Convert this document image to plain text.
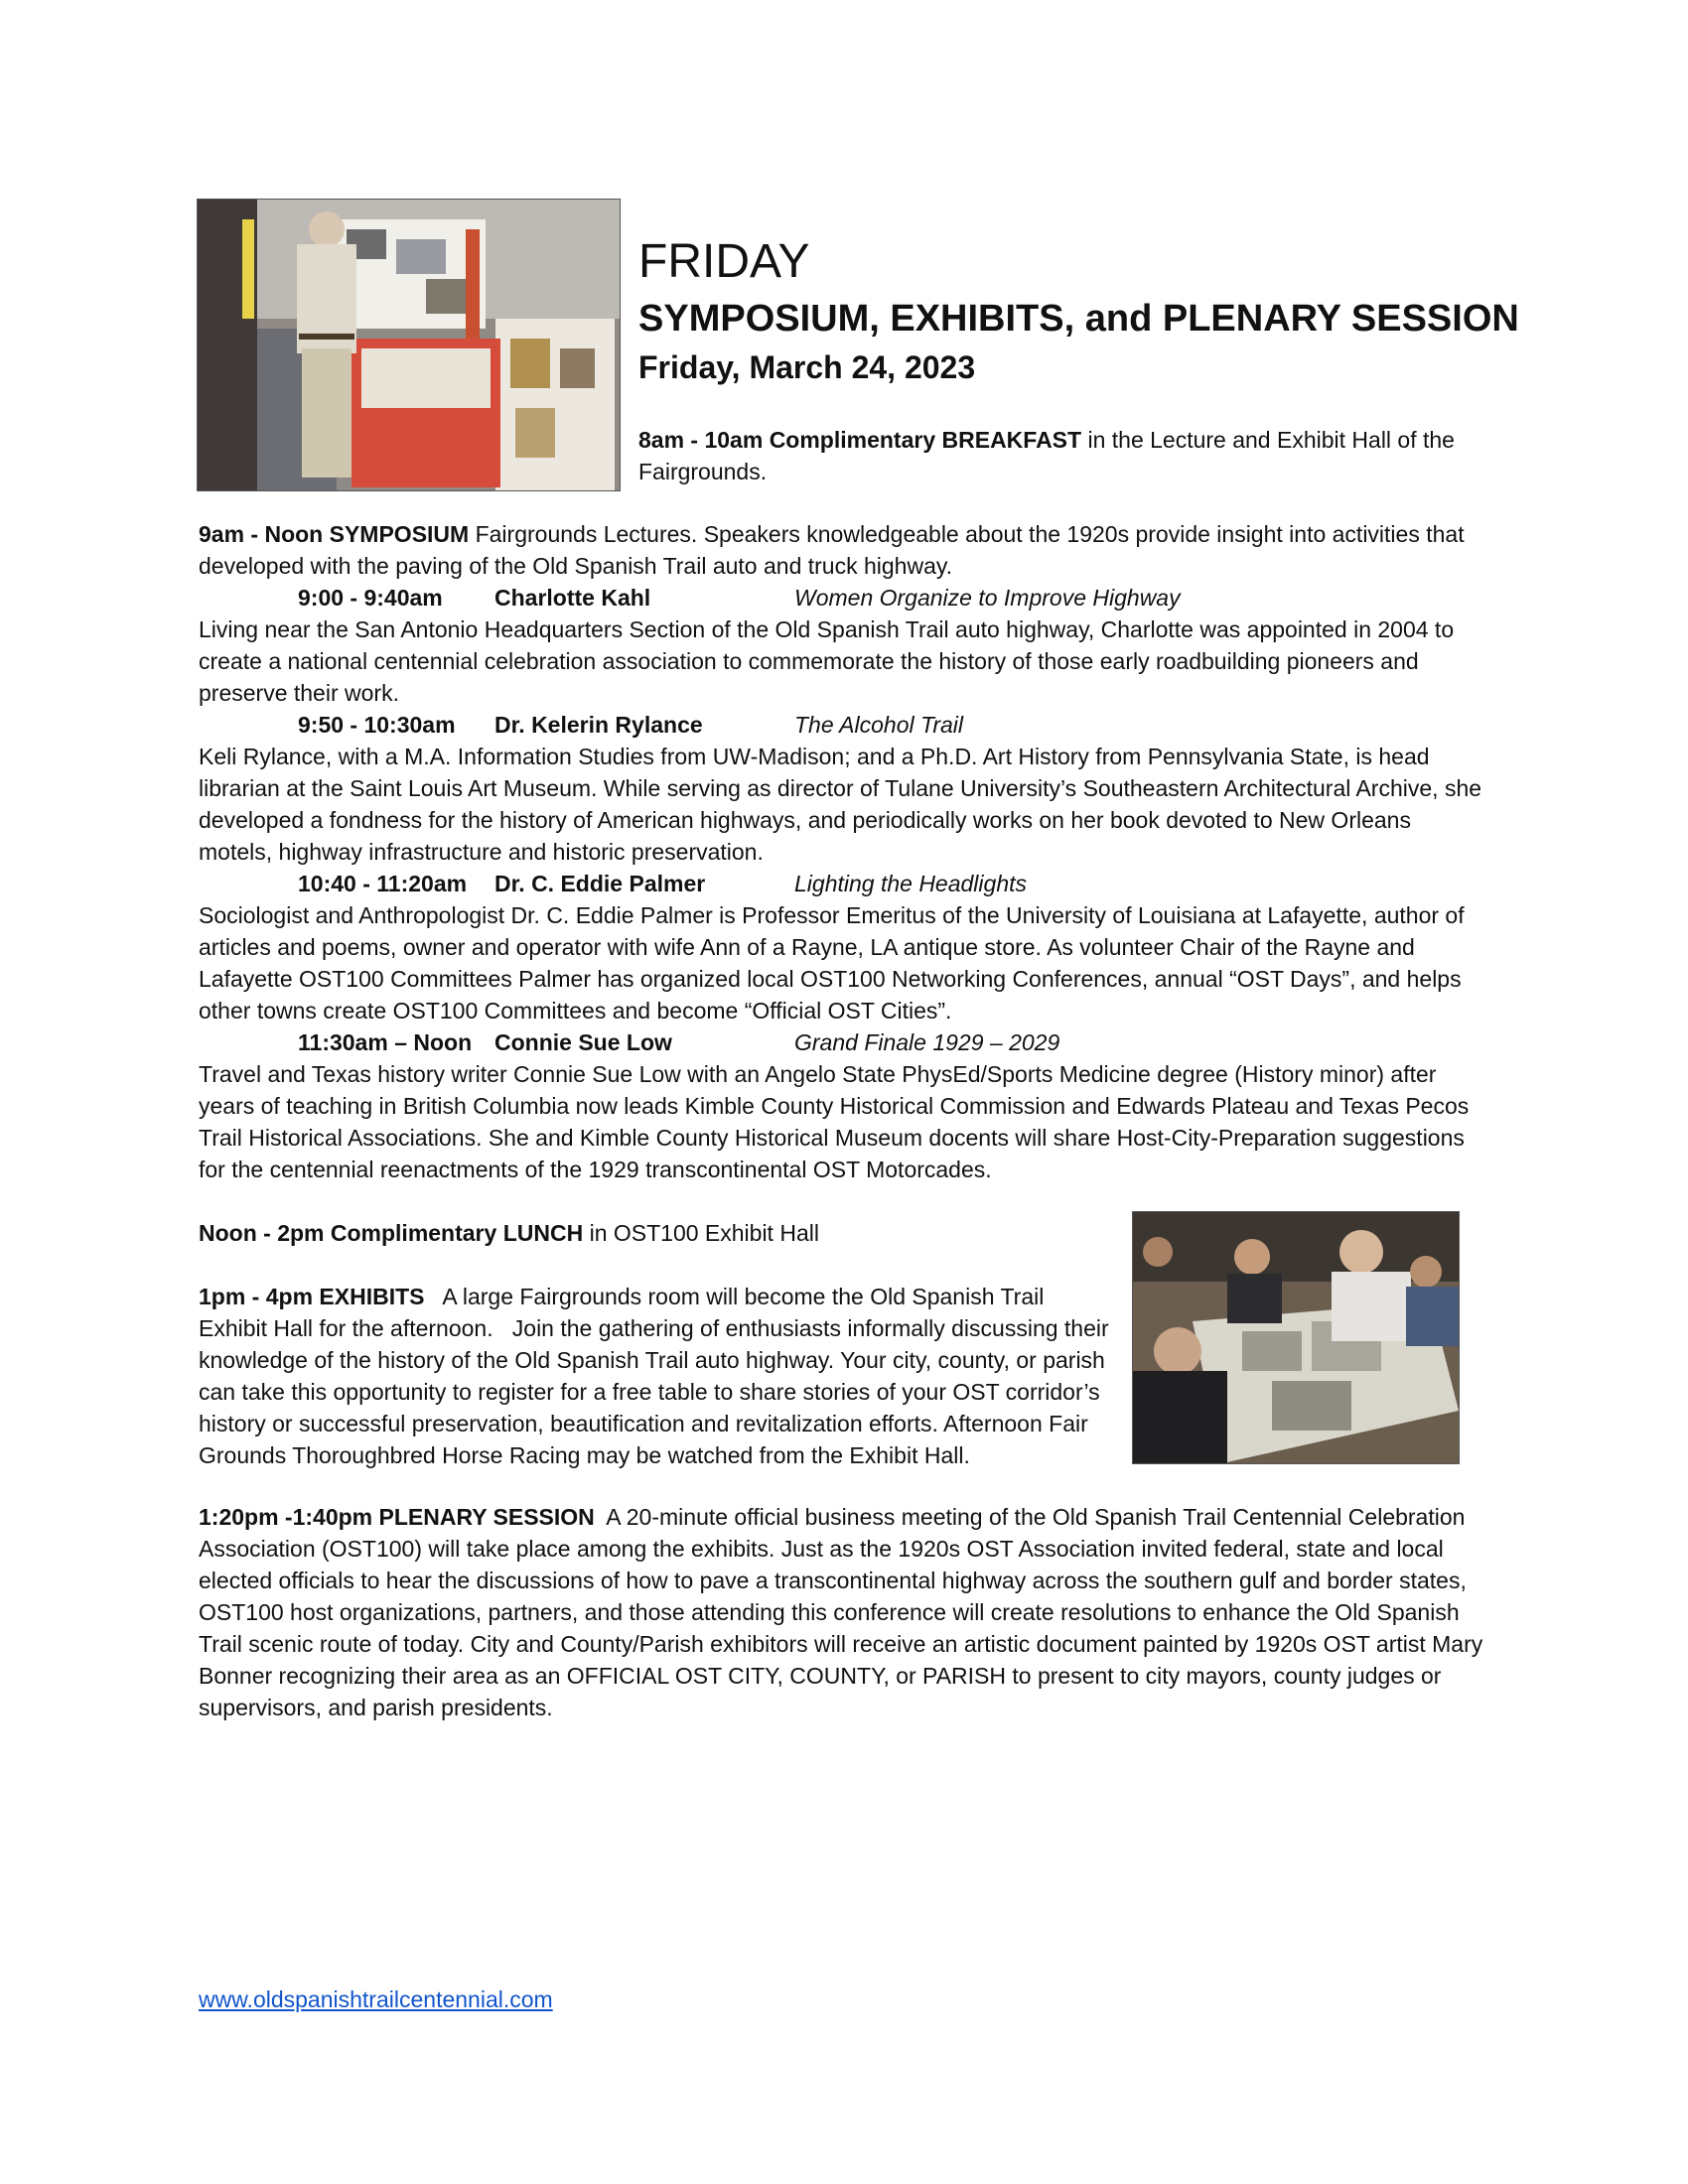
FRIDAY
SYMPOSIUM, EXHIBITS, and PLENARY SESSION
Friday, March 24, 2023
8am - 10am Complimentary BREAKFAST in the Lecture and Exhibit Hall of the Fairgrounds.
9am - Noon SYMPOSIUM Fairgrounds Lectures. Speakers knowledgeable about the 1920s provide insight into activities that developed with the paving of the Old Spanish Trail auto and truck highway.
9:00 - 9:40am Charlotte Kahl	Women Organize to Improve Highway
Living near the San Antonio Headquarters Section of the Old Spanish Trail auto highway, Charlotte was appointed in 2004 to create a national centennial celebration association to commemorate the history of those early roadbuilding pioneers and preserve their work.
9:50 - 10:30am Dr. Kelerin Rylance	The Alcohol Trail
Keli Rylance, with a M.A. Information Studies from UW-Madison; and a Ph.D. Art History from Pennsylvania State, is head librarian at the Saint Louis Art Museum. While serving as director of Tulane University’s Southeastern Architectural Archive, she developed a fondness for the history of American highways, and periodically works on her book devoted to New Orleans motels, highway infrastructure and historic preservation.
10:40 - 11:20am Dr. C. Eddie Palmer	Lighting the Headlights
Sociologist and Anthropologist Dr. C. Eddie Palmer is Professor Emeritus of the University of Louisiana at Lafayette, author of articles and poems, owner and operator with wife Ann of a Rayne, LA antique store. As volunteer Chair of the Rayne and Lafayette OST100 Committees Palmer has organized local OST100 Networking Conferences, annual “OST Days”, and helps other towns create OST100 Committees and become “Official OST Cities”.
11:30am – Noon Connie Sue Low	Grand Finale 1929 – 2029
Travel and Texas history writer Connie Sue Low with an Angelo State PhysEd/Sports Medicine degree (History minor) after years of teaching in British Columbia now leads Kimble County Historical Commission and Edwards Plateau and Texas Pecos Trail Historical Associations. She and Kimble County Historical Museum docents will share Host-City-Preparation suggestions for the centennial reenactments of the 1929 transcontinental OST Motorcades.
Noon - 2pm Complimentary LUNCH in OST100 Exhibit Hall
1pm - 4pm EXHIBITS   A large Fairgrounds room will become the Old Spanish Trail Exhibit Hall for the afternoon.   Join the gathering of enthusiasts informally discussing their knowledge of the history of the Old Spanish Trail auto highway. Your city, county, or parish can take this opportunity to register for a free table to share stories of your OST corridor’s history or successful preservation, beautification and revitalization efforts. Afternoon Fair Grounds Thoroughbred Horse Racing may be watched from the Exhibit Hall.
1:20pm -1:40pm PLENARY SESSION  A 20-minute official business meeting of the Old Spanish Trail Centennial Celebration Association (OST100) will take place among the exhibits. Just as the 1920s OST Association invited federal, state and local elected officials to hear the discussions of how to pave a transcontinental highway across the southern gulf and border states, OST100 host organizations, partners, and those attending this conference will create resolutions to enhance the Old Spanish Trail scenic route of today. City and County/Parish exhibitors will receive an artistic document painted by 1920s OST artist Mary Bonner recognizing their area as an OFFICIAL OST CITY, COUNTY, or PARISH to present to city mayors, county judges or supervisors, and parish presidents.
www.oldspanishtrailcentennial.com
